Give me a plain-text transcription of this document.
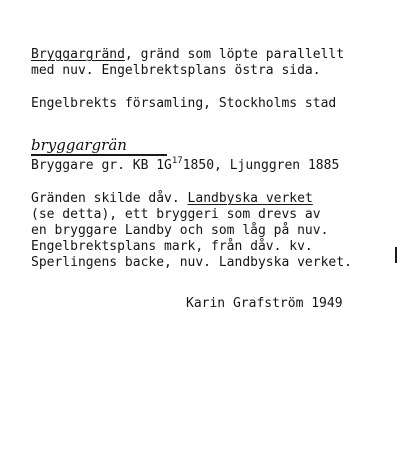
Bryggargränd, gränd som löpte parallellt
med nuv. Engelbrektsplans östra sida.
Engelbrekts församling, Stockholms stad
bryggargrän
Bryggare gr. KB $1G^{17}1850$, Ljunggren 1885
Gränden skilde dåv. Landbyska verket
(se detta), ett bryggeri som drevs av
en bryggare Landby och som låg på nuv.
Engelbrektsplans mark, från dåv. kv.
Sperlingens backe, nuv. Landbyska verket.
Karin Grafström 1949
